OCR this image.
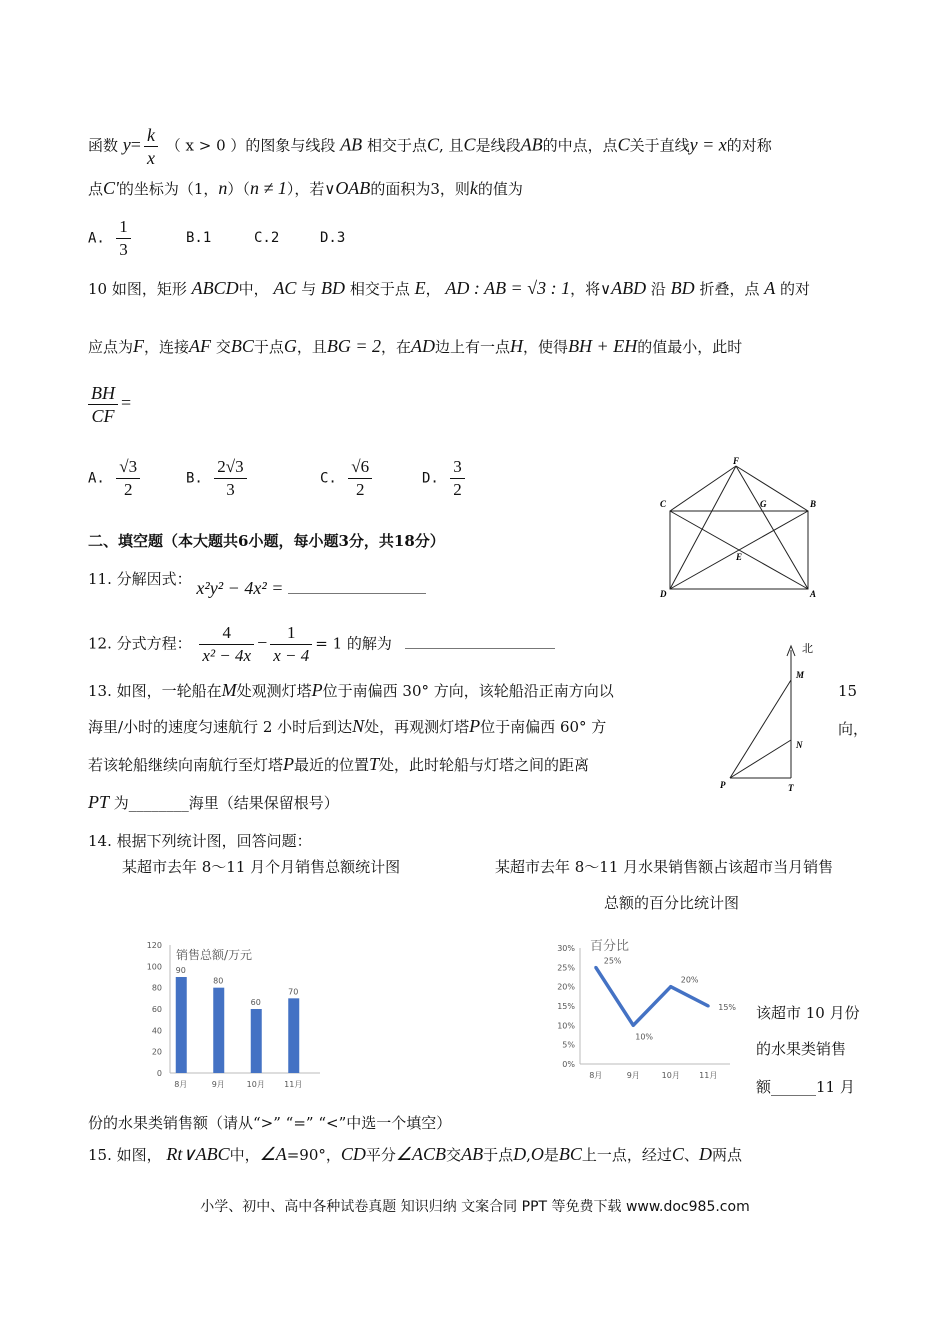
函数 $y= \frac{k}{x}$ （ x > 0 ）的图象与线段 AB 相交于点C, 且C是线段AB的中点，点C关于直线y = x的对称
点C'的坐标为（1，n）（n ≠ 1），若∨OAB的面积为3，则k的值为
A. $\frac{1}{3}$	B.1	C.2	D.3
10 如图，矩形 ABCD中， AC 与 BD 相交于点 E， AD : AB = √3 : 1，将∨ABD 沿 BD 折叠，点 A 的对
应点为F，连接AF 交BC于点G，且BG = 2，在AD边上有一点H，使得BH + EH的值最小，此时
$\frac{BH}{CF}$ =
A. $\frac{√3}{2}$	B. $\frac{2√3}{3}$	C. $\frac{√6}{2}$	D. $\frac{3}{2}$	F
C	G	B
E
D	A
二、填空题（本大题共6小题，每小题3分，共18分）
11. 分解因式： x²y² − 4x² =
12. 分式方程： $\frac{4}{\text{x² − 4x}} - \frac{1}{x - 4} = 1$ 的解为
13. 如图，一轮船在M处观测灯塔P位于南偏西 30° 方向，该轮船沿正南方向以	15
海里/小时的速度匀速航行 2 小时后到达N处，再观测灯塔P位于南偏西 60° 方	向，
若该轮船继续向南航行至灯塔P最近的位置T处，此时轮船与灯塔之间的距离
PT 为________海里（结果保留根号）
北
M
N
P	T
14. 根据下列统计图，回答问题：
某超市去年 8～11 月个月销售总额统计图	某超市去年 8～11 月水果销售额占该超市当月销售
总额的百分比统计图
0
20
40
60
80
100
120
销售总额/万元
90
8月
80
9月
60
10月
70
11月
0%
5%
10%
15%
20%
25%
30% 百分比
25%
8月
10%
9月
20%
10月
15%
11月
该超市 10 月份
的水果类销售
额______11 月
份的水果类销售额（请从“>” “=” “<”中选一个填空）
15. 如图， Rt∨ABC中，∠A=90°，CD平分∠ACB交AB于点D,O是BC上一点，经过C、D两点
小学、初中、高中各种试卷真题 知识归纳 文案合同 PPT 等免费下载 www.doc985.com
